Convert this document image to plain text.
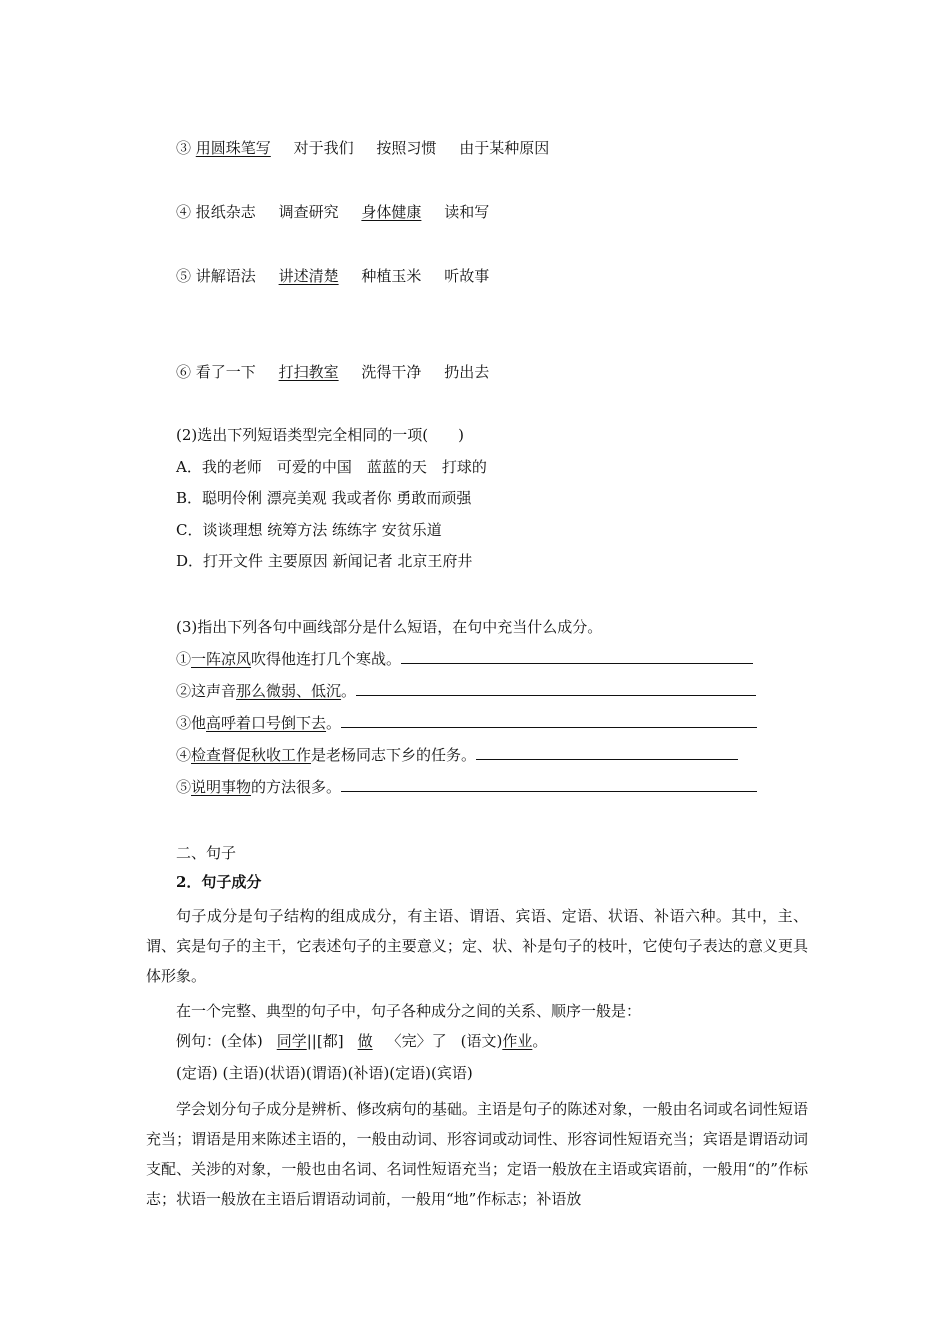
③ 用圆珠笔写 对于我们 按照习惯 由于某种原因
④ 报纸杂志 调查研究 身体健康 读和写
⑤ 讲解语法 讲述清楚 种植玉米 听故事
⑥ 看了一下 打扫教室 洗得干净 扔出去
(2)选出下列短语类型完全相同的一项(　　)
A．我的老师　可爱的中国　蓝蓝的天　打球的
B．聪明伶俐 漂亮美观 我或者你 勇敢而顽强
C．谈谈理想 统筹方法 练练字 安贫乐道
D．打开文件 主要原因 新闻记者 北京王府井
(3)指出下列各句中画线部分是什么短语，在句中充当什么成分。
①一阵凉风吹得他连打几个寒战。
②这声音那么微弱、低沉。
③他高呼着口号倒下去。
④检查督促秋收工作是老杨同志下乡的任务。
⑤说明事物的方法很多。
二、句子
2．句子成分
句子成分是句子结构的组成成分，有主语、谓语、宾语、定语、状语、补语六种。其中，主、谓、宾是句子的主干，它表述句子的主要意义；定、状、补是句子的枝叶，它使句子表达的意义更具体形象。
在一个完整、典型的句子中，句子各种成分之间的关系、顺序一般是：
例句：(全体) 同学||[都] 做 〈完〉了 (语文)作业。
(定语) (主语)(状语)(谓语)(补语)(定语)(宾语)
学会划分句子成分是辨析、修改病句的基础。主语是句子的陈述对象，一般由名词或名词性短语充当；谓语是用来陈述主语的，一般由动词、形容词或动词性、形容词性短语充当；宾语是谓语动词支配、关涉的对象，一般也由名词、名词性短语充当；定语一般放在主语或宾语前，一般用“的”作标志；状语一般放在主语后谓语动词前，一般用“地”作标志；补语放
